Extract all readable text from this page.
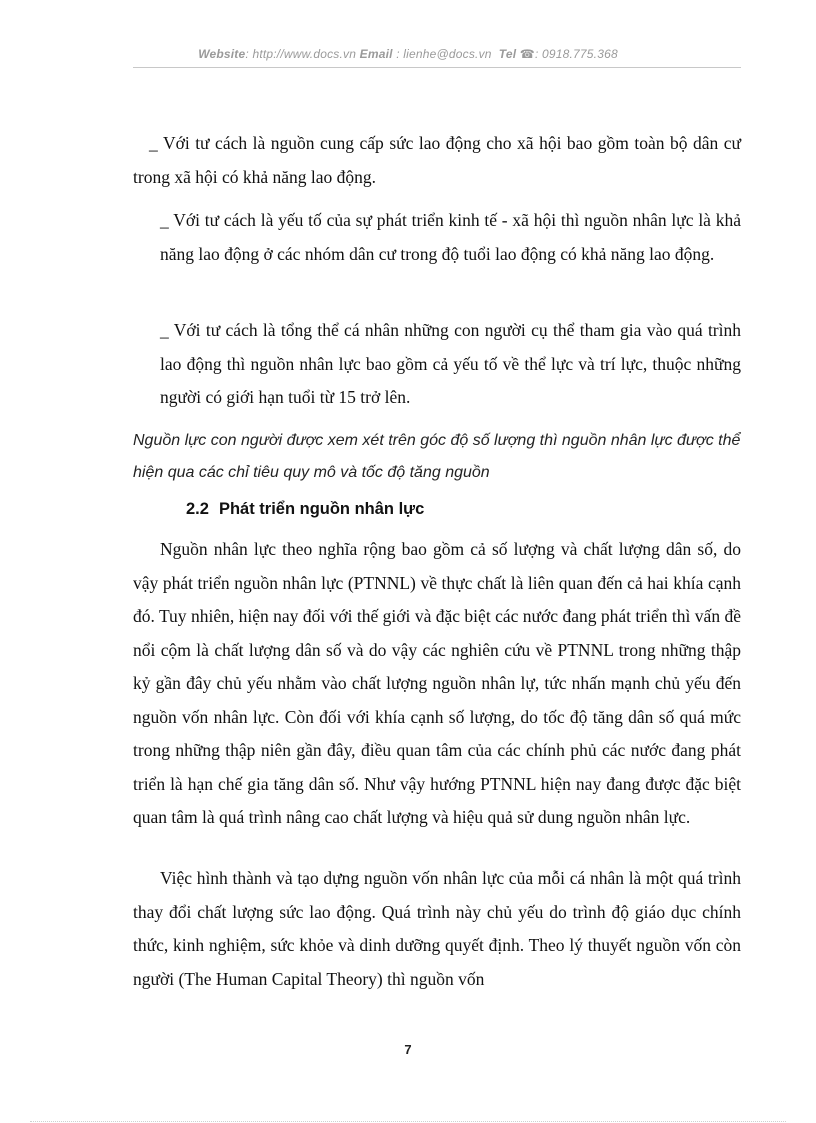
Website: http://www.docs.vn Email : lienhe@docs.vn Tel ☎: 0918.775.368
_ Với tư cách là nguồn cung cấp sức lao động cho xã hội bao gồm toàn bộ dân cư trong xã hội có khả năng lao động.
_ Với tư cách là yếu tố của sự phát triển kinh tế - xã hội thì nguồn nhân lực là khả năng lao động ở các nhóm dân cư trong độ tuổi lao động có khả năng lao động.
_ Với tư cách là tổng thể cá nhân những con người cụ thể tham gia vào quá trình lao động thì nguồn nhân lực bao gồm cả yếu tố về thể lực và trí lực, thuộc những người có giới hạn tuổi từ 15 trở lên.
Nguồn lực con người được xem xét trên góc độ số lượng thì nguồn nhân lực được thể hiện qua các chỉ tiêu quy mô và tốc độ tăng nguồn
2.2 Phát triển nguồn nhân lực
Nguồn nhân lực theo nghĩa rộng bao gồm cả số lượng và chất lượng dân số, do vậy phát triển nguồn nhân lực (PTNNL) về thực chất là liên quan đến cả hai khía cạnh đó. Tuy nhiên, hiện nay đối với thế giới và đặc biệt các nước đang phát triển thì vấn đề nổi cộm là chất lượng dân số và do vậy các nghiên cứu về PTNNL trong những thập kỷ gần đây chủ yếu nhằm vào chất lượng nguồn nhân lự, tức nhấn mạnh chủ yếu đến nguồn vốn nhân lực. Còn đối với khía cạnh số lượng, do tốc độ tăng dân số quá mức trong những thập niên gần đây, điều quan tâm của các chính phủ các nước đang phát triển là hạn chế gia tăng dân số. Như vậy hướng PTNNL hiện nay đang được đặc biệt quan tâm là quá trình nâng cao chất lượng và hiệu quả sử dung nguồn nhân lực.
Việc hình thành và tạo dựng nguồn vốn nhân lực của mỗi cá nhân là một quá trình thay đổi chất lượng sức lao động. Quá trình này chủ yếu do trình độ giáo dục chính thức, kinh nghiệm, sức khỏe và dinh dưỡng quyết định. Theo lý thuyết nguồn vốn còn người (The Human Capital Theory) thì nguồn vốn
7
